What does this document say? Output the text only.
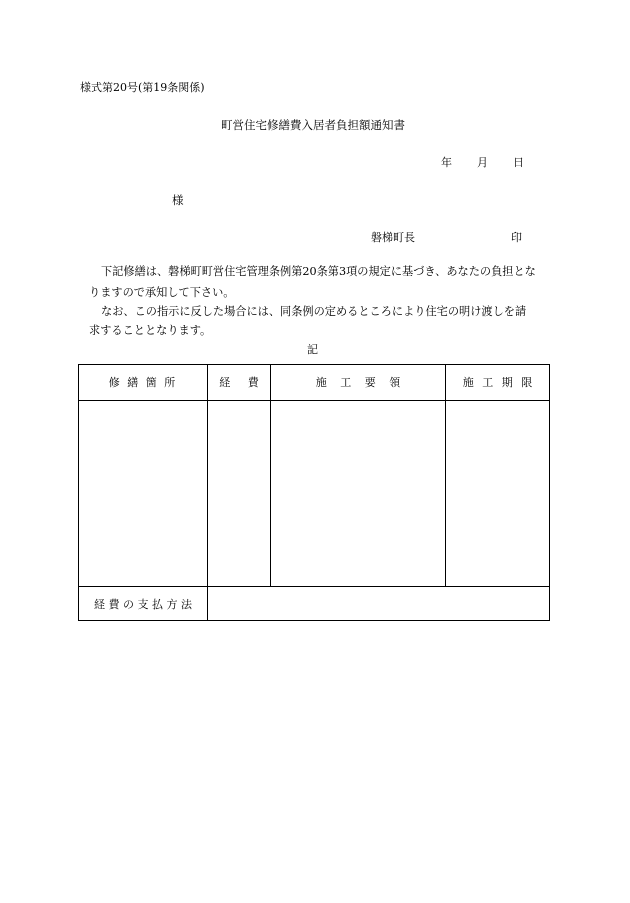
様式第20号(第19条関係)
町営住宅修繕費入居者負担額通知書
年 月 日
様
磐梯町長	印
下記修繕は、磐梯町町営住宅管理条例第20条第3項の規定に基づき、あなたの負担とな
りますので承知して下さい。
なお、この指示に反した場合には、同条例の定めるところにより住宅の明け渡しを請
求することとなります。
記
修 繕 箇 所	経 費	施 工 要 領	施 工 期 限
経 費 の 支 払 方 法
